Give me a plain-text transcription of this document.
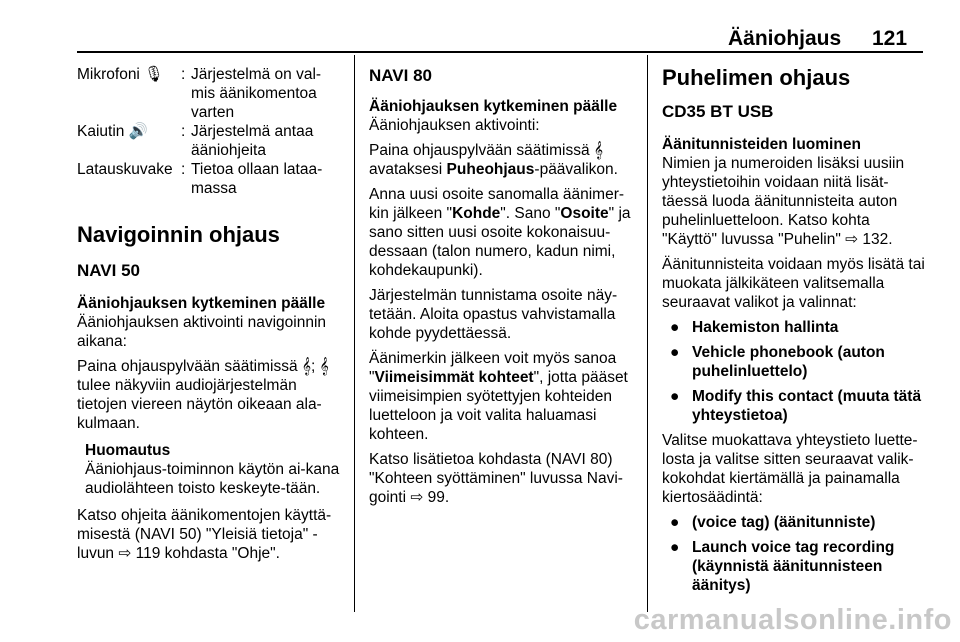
Ääniohjaus 121
Mikrofoni 🎙	: Järjestelmä on val-mis äänikomentoa varten
Kaiutin 🔊	: Järjestelmä antaa ääniohjeita
Latauskuvake : Tietoa ollaan lataa-massa
Navigoinnin ohjaus
NAVI 50
Ääniohjauksen kytkeminen päälle

Ääniohjauksen aktivointi navigoinnin aikana:

Paina ohjauspylvään säätimissä 𝄞; 𝄞 tulee näkyviin audiojärjestelmän tietojen viereen näytön oikeaan ala-kulmaan.

Huomautus
Ääniohjaus-toiminnon käytön ai-kana audiolähteen toisto keskeyte-tään.

Katso ohjeita äänikomentojen käyttä-misestä (NAVI 50) "Yleisiä tietoja" -luvun ⇨ 119 kohdasta "Ohje".

NAVI 80
Ääniohjauksen kytkeminen päälle

Ääniohjauksen aktivointi:

Paina ohjauspylvään säätimissä 𝄞 avataksesi Puheohjaus-päävalikon.

Anna uusi osoite sanomalla äänimer-kin jälkeen "Kohde". Sano "Osoite" ja sano sitten uusi osoite kokonaisuu-dessaan (talon numero, kadun nimi, kohdekaupunki).

Järjestelmän tunnistama osoite näy-tetään. Aloita opastus vahvistamalla kohde pyydettäessä.

Äänimerkin jälkeen voit myös sanoa "Viimeisimmät kohteet", jotta pääset viimeisimpien syötettyjen kohteiden luetteloon ja voit valita haluamasi kohteen.

Katso lisätietoa kohdasta (NAVI 80) "Kohteen syöttäminen" luvussa Navi-gointi ⇨ 99.

Puhelimen ohjaus
CD35 BT USB
Äänitunnisteiden luominen

Nimien ja numeroiden lisäksi uusiin yhteystietoihin voidaan niitä lisät-täessä luoda äänitunnisteita auton puhelinluetteloon. Katso kohta "Käyttö" luvussa "Puhelin" ⇨ 132.

Äänitunnisteita voidaan myös lisätä tai muokata jälkikäteen valitsemalla seuraavat valikot ja valinnat:

● Hakemiston hallinta
● Vehicle phonebook (auton puhelinluettelo)
● Modify this contact (muuta tätä yhteystietoa)

Valitse muokattava yhteystieto luette-losta ja valitse sitten seuraavat valik-kokohdat kiertämällä ja painamalla kiertosäädintä:

● (voice tag) (äänitunniste)
● Launch voice tag recording (käynnistä äänitunnisteen äänitys)
carmanualsonline.info
